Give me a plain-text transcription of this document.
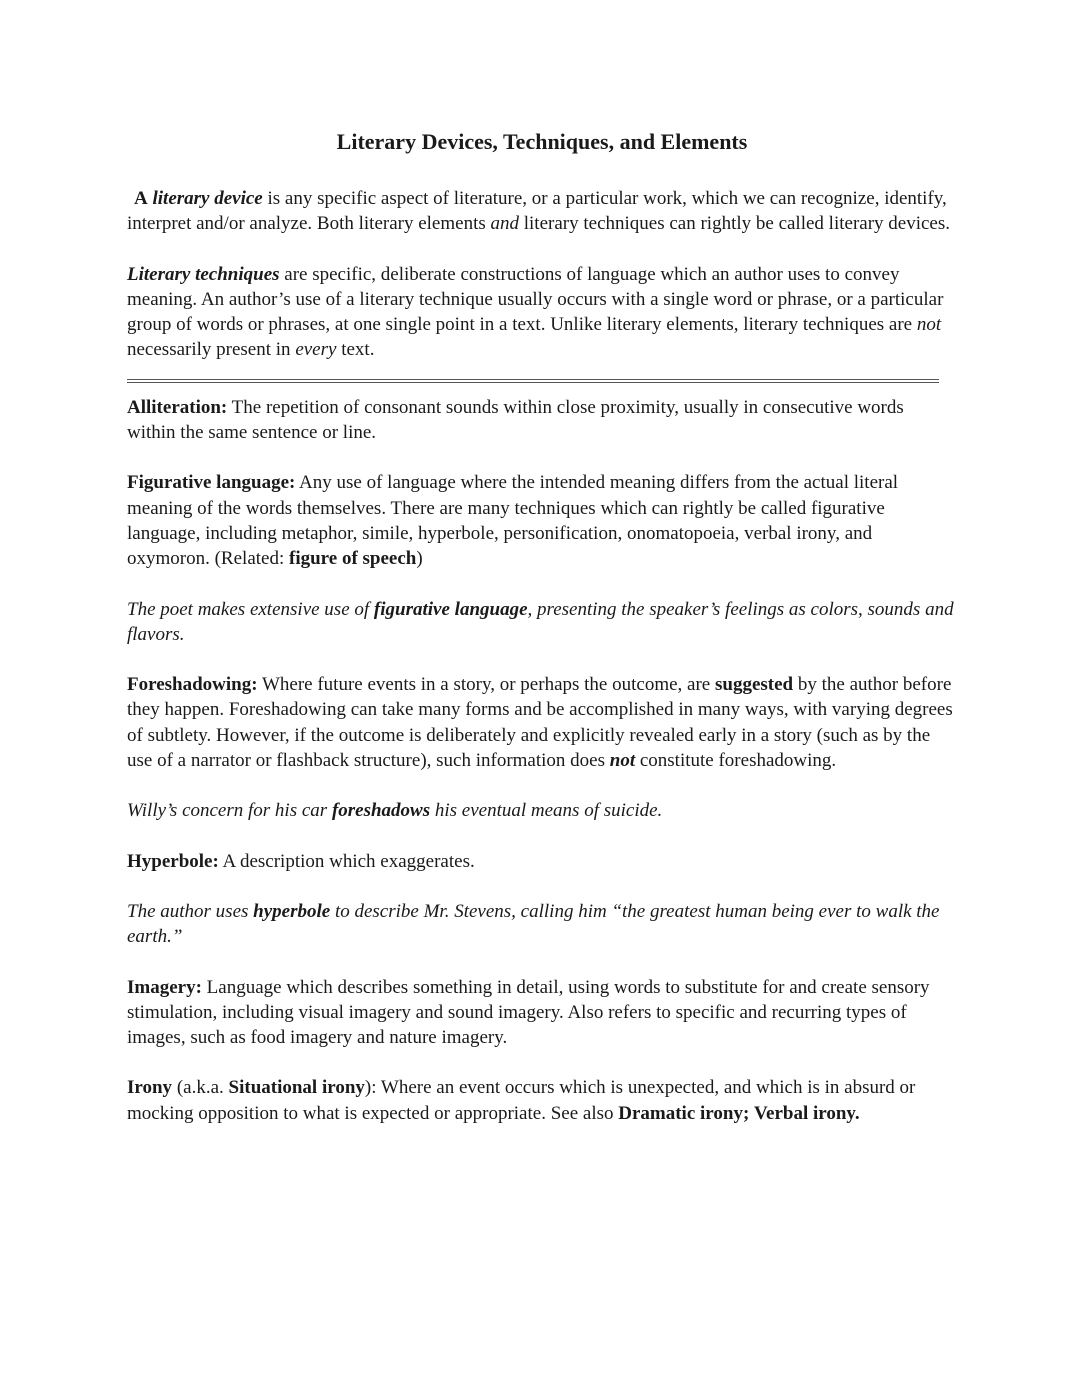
Literary Devices, Techniques, and Elements

A literary device is any specific aspect of literature, or a particular work, which we can recognize, identify, interpret and/or analyze. Both literary elements and literary techniques can rightly be called literary devices.

Literary techniques are specific, deliberate constructions of language which an author uses to convey meaning. An author’s use of a literary technique usually occurs with a single word or phrase, or a particular group of words or phrases, at one single point in a text. Unlike literary elements, literary techniques are not necessarily present in every text.

Alliteration: The repetition of consonant sounds within close proximity, usually in consecutive words within the same sentence or line.

Figurative language: Any use of language where the intended meaning differs from the actual literal meaning of the words themselves. There are many techniques which can rightly be called figurative language, including metaphor, simile, hyperbole, personification, onomatopoeia, verbal irony, and oxymoron. (Related: figure of speech)

The poet makes extensive use of figurative language, presenting the speaker’s feelings as colors, sounds and flavors.

Foreshadowing: Where future events in a story, or perhaps the outcome, are suggested by the author before they happen. Foreshadowing can take many forms and be accomplished in many ways, with varying degrees of subtlety. However, if the outcome is deliberately and explicitly revealed early in a story (such as by the use of a narrator or flashback structure), such information does not constitute foreshadowing.

Willy’s concern for his car foreshadows his eventual means of suicide.

Hyperbole: A description which exaggerates.

The author uses hyperbole to describe Mr. Stevens, calling him “the greatest human being ever to walk the earth.”

Imagery: Language which describes something in detail, using words to substitute for and create sensory stimulation, including visual imagery and sound imagery. Also refers to specific and recurring types of images, such as food imagery and nature imagery.

Irony (a.k.a. Situational irony): Where an event occurs which is unexpected, and which is in absurd or mocking opposition to what is expected or appropriate. See also Dramatic irony; Verbal irony.
